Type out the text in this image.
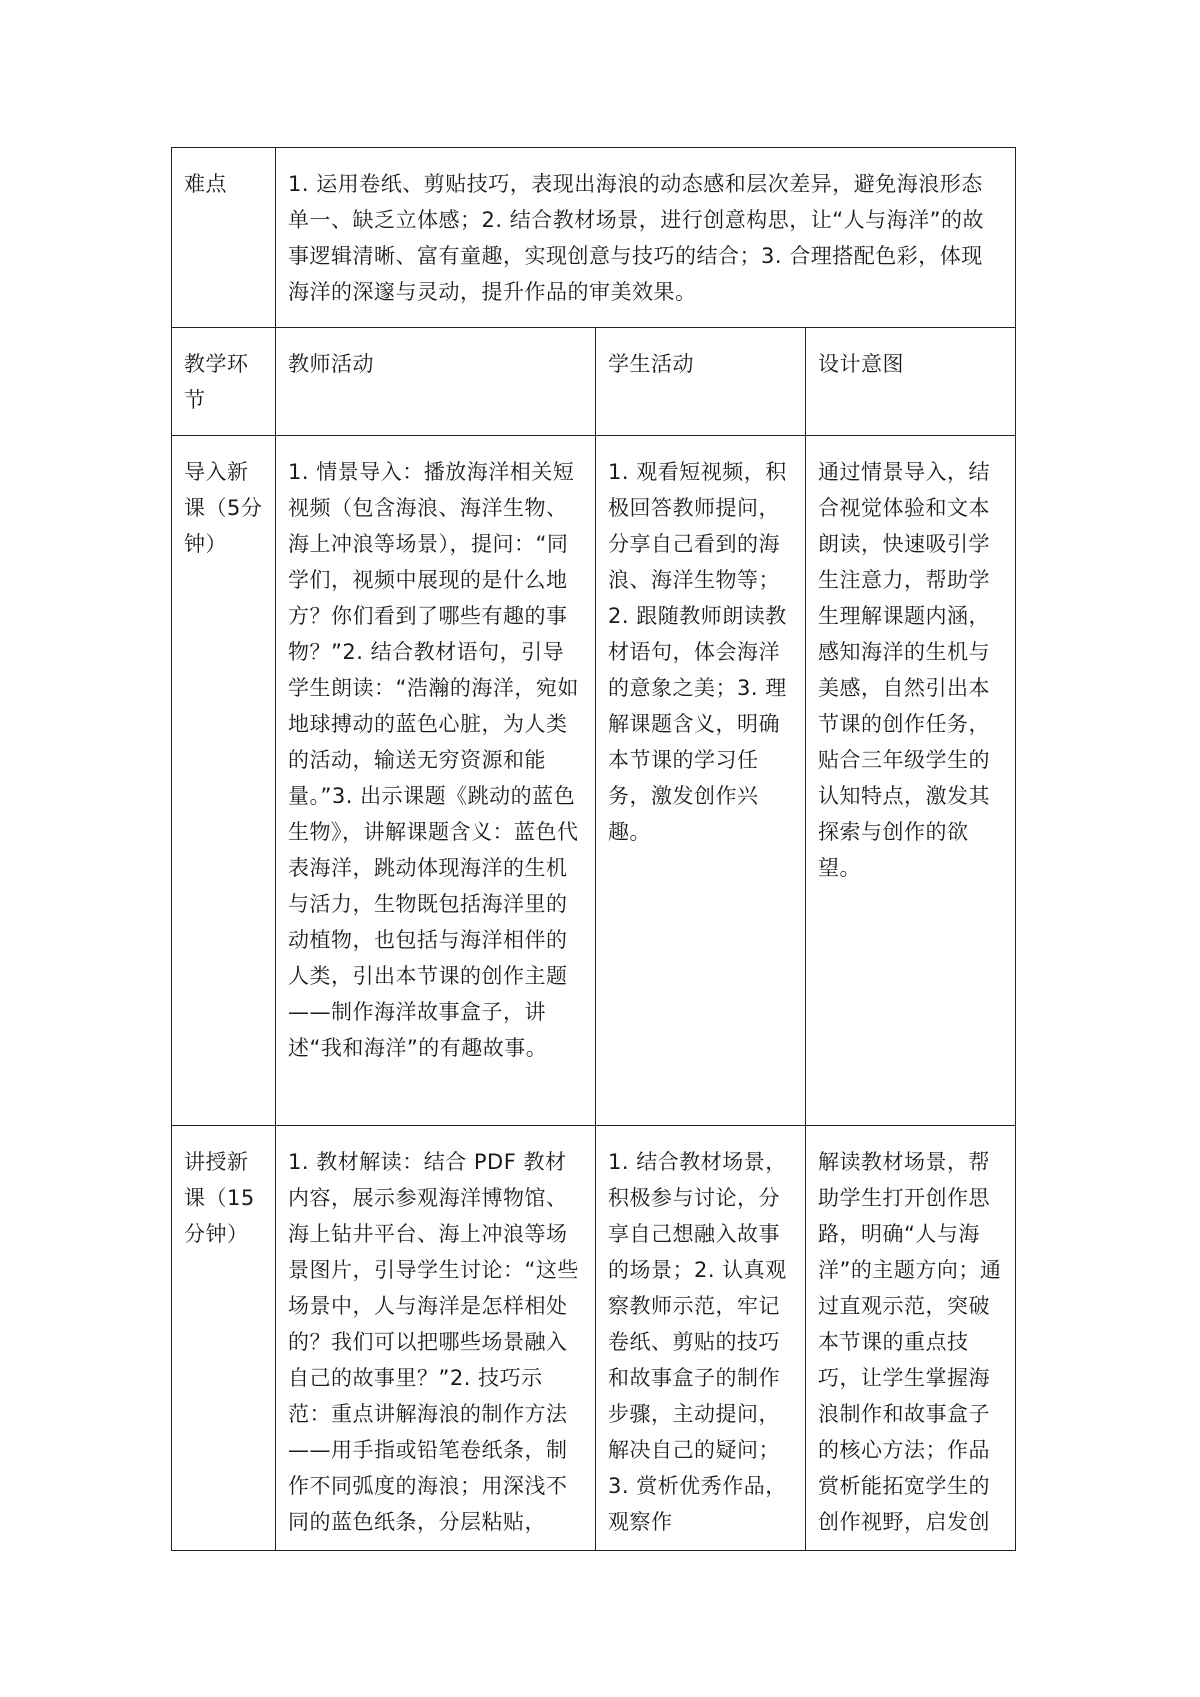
难点	1. 运用卷纸、剪贴技巧，表现出海浪的动态感和层次差异，避免海浪形态单一、缺乏立体感；2. 结合教材场景，进行创意构思，让“人与海洋”的故事逻辑清晰、富有童趣，实现创意与技巧的结合；3. 合理搭配色彩，体现海洋的深邃与灵动，提升作品的审美效果。		

教学环节	教师活动	学生活动	设计意图

导入新课（5分钟）	1. 情景导入：播放海洋相关短视频（包含海浪、海洋生物、海上冲浪等场景），提问：“同学们，视频中展现的是什么地方？你们看到了哪些有趣的事物？”2. 结合教材语句，引导学生朗读：“浩瀚的海洋，宛如地球搏动的蓝色心脏，为人类的活动，输送无穷资源和能量。”3. 出示课题《跳动的蓝色生物》，讲解课题含义：蓝色代表海洋，跳动体现海洋的生机与活力，生物既包括海洋里的动植物，也包括与海洋相伴的人类，引出本节课的创作主题——制作海洋故事盒子，讲述“我和海洋”的有趣故事。	1. 观看短视频，积极回答教师提问，分享自己看到的海浪、海洋生物等；2. 跟随教师朗读教材语句，体会海洋的意象之美；3. 理解课题含义，明确本节课的学习任务，激发创作兴趣。	通过情景导入，结合视觉体验和文本朗读，快速吸引学生注意力，帮助学生理解课题内涵，感知海洋的生机与美感，自然引出本节课的创作任务，贴合三年级学生的认知特点，激发其探索与创作的欲望。

讲授新课（15分钟）	1. 教材解读：结合 PDF 教材内容，展示参观海洋博物馆、海上钻井平台、海上冲浪等场景图片，引导学生讨论：“这些场景中，人与海洋是怎样相处的？我们可以把哪些场景融入自己的故事里？”2. 技巧示范：重点讲解海浪的制作方法——用手指或铅笔卷纸条，制作不同弧度的海浪；用深浅不同的蓝色纸条，分层粘贴，	1. 结合教材场景，积极参与讨论，分享自己想融入故事的场景；2. 认真观察教师示范，牢记卷纸、剪贴的技巧和故事盒子的制作步骤，主动提问，解决自己的疑问；3. 赏析优秀作品，观察作	解读教材场景，帮助学生打开创作思路，明确“人与海洋”的主题方向；通过直观示范，突破本节课的重点技巧，让学生掌握海浪制作和故事盒子的核心方法；作品赏析能拓宽学生的创作视野，启发创
